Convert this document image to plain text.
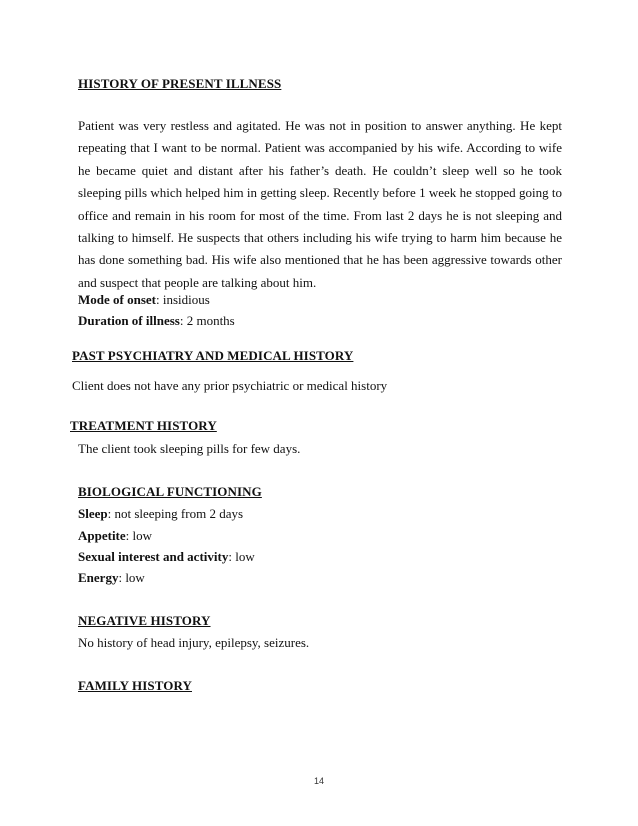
HISTORY OF PRESENT ILLNESS
Patient was very restless and agitated. He was not in position to answer anything. He kept repeating that I want to be normal. Patient was accompanied by his wife. According to wife he became quiet and distant after his father’s death. He couldn’t sleep well so he took sleeping pills which helped him in getting sleep. Recently before 1 week he stopped going to office and remain in his room for most of the time. From last 2 days he is not sleeping and talking to himself. He suspects that others including his wife trying to harm him because he has done something bad. His wife also mentioned that he has been aggressive towards other and suspect that people are talking about him.
Mode of onset: insidious
Duration of illness: 2 months
PAST PSYCHIATRY AND MEDICAL HISTORY
Client does not have any prior psychiatric or medical history
TREATMENT HISTORY
The client took sleeping pills for few days.
BIOLOGICAL FUNCTIONING
Sleep: not sleeping from 2 days
Appetite: low
Sexual interest and activity: low
Energy: low
NEGATIVE HISTORY
No history of head injury, epilepsy, seizures.
FAMILY HISTORY
14
